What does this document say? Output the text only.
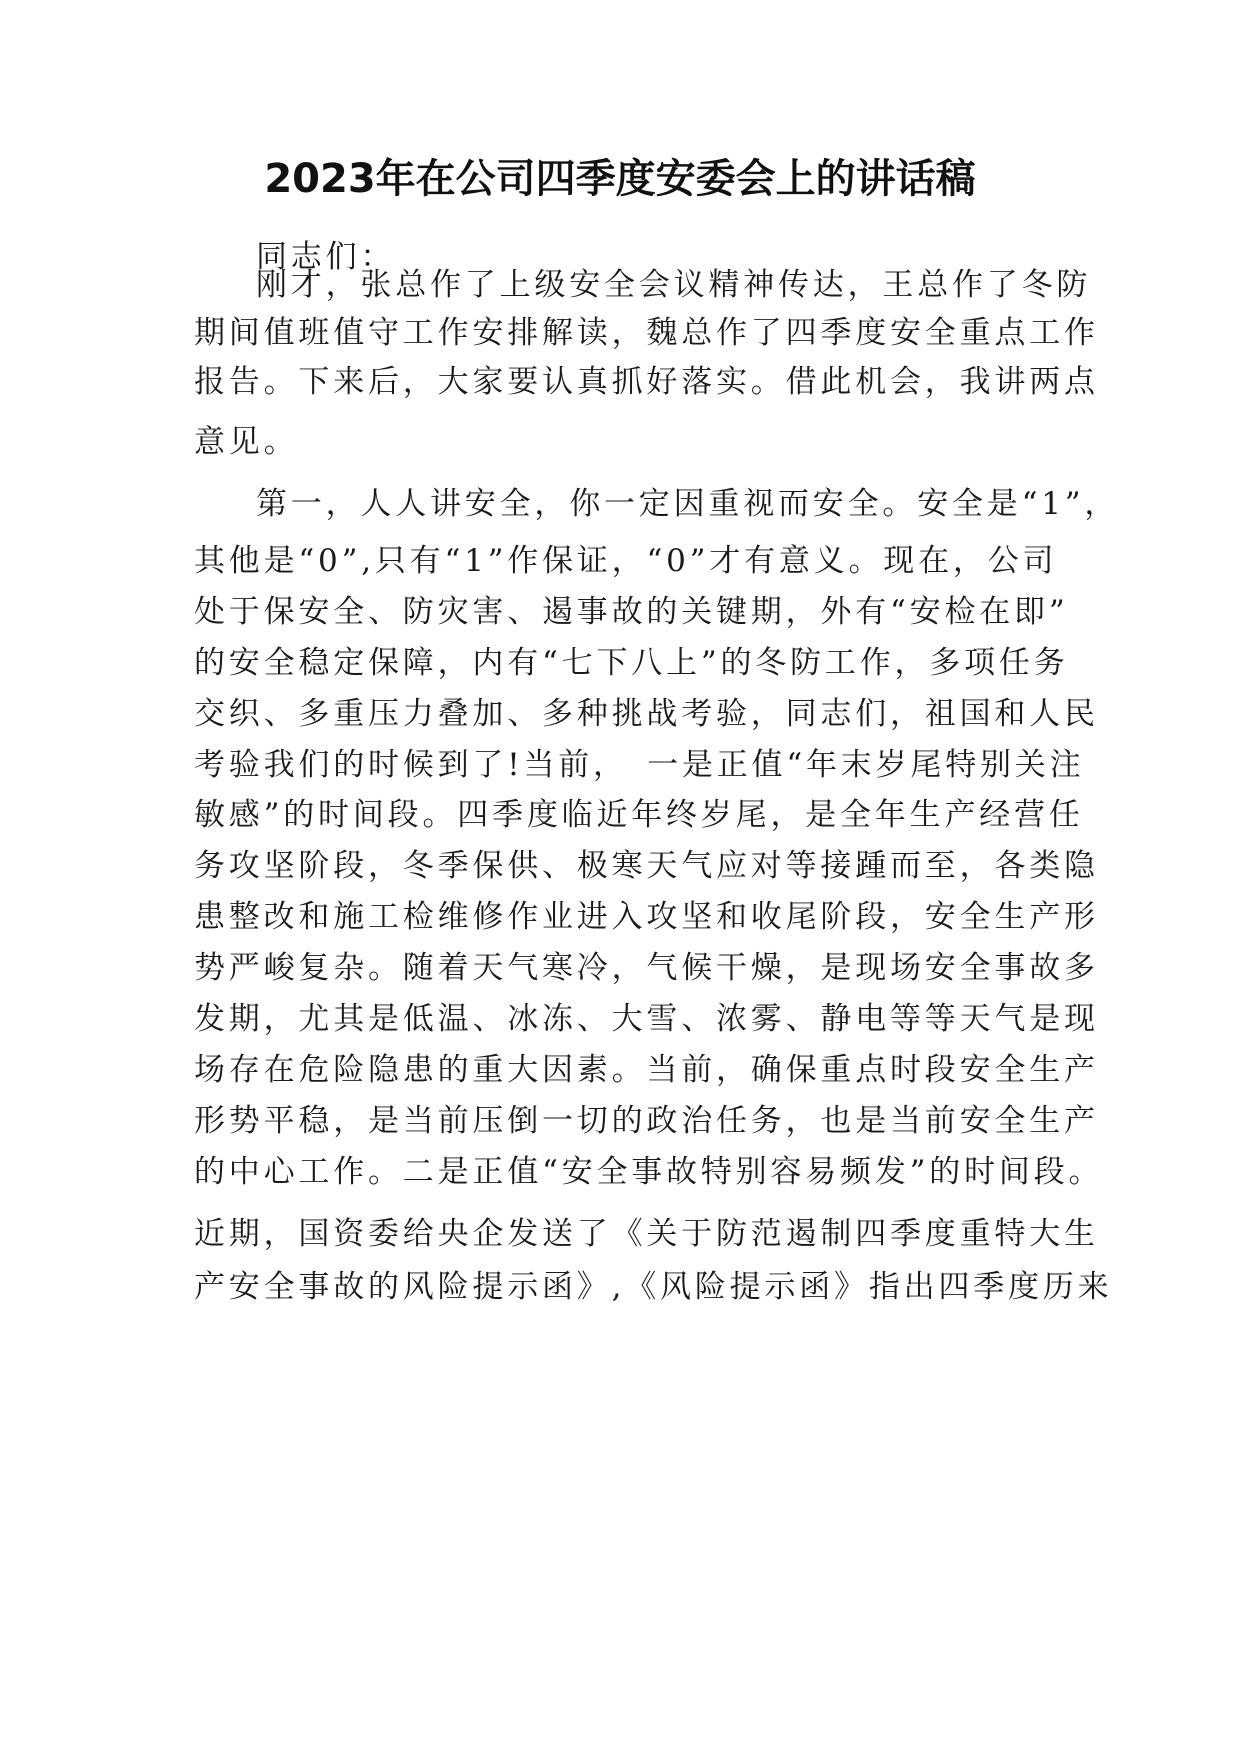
2023年在公司四季度安委会上的讲话稿

同志们：

刚才，张总作了上级安全会议精神传达，王总作了冬防

期间值班值守工作安排解读，魏总作了四季度安全重点工作

报告。下来后，大家要认真抓好落实。借此机会，我讲两点

意见。

第一，人人讲安全，你一定因重视而安全。安全是“1”，

其他是“0”,只有“1”作保证，“0”才有意义。现在，公司

处于保安全、防灾害、遏事故的关键期，外有“安检在即”

的安全稳定保障，内有“七下八上”的冬防工作，多项任务

交织、多重压力叠加、多种挑战考验，同志们，祖国和人民

考验我们的时候到了!当前，　一是正值“年末岁尾特别关注

敏感”的时间段。四季度临近年终岁尾，是全年生产经营任

务攻坚阶段，冬季保供、极寒天气应对等接踵而至，各类隐

患整改和施工检维修作业进入攻坚和收尾阶段，安全生产形

势严峻复杂。随着天气寒冷，气候干燥，是现场安全事故多

发期，尤其是低温、冰冻、大雪、浓雾、静电等等天气是现

场存在危险隐患的重大因素。当前，确保重点时段安全生产

形势平稳，是当前压倒一切的政治任务，也是当前安全生产

的中心工作。二是正值“安全事故特别容易频发”的时间段。

近期，国资委给央企发送了《关于防范遏制四季度重特大生

产安全事故的风险提示函》,《风险提示函》指出四季度历来
